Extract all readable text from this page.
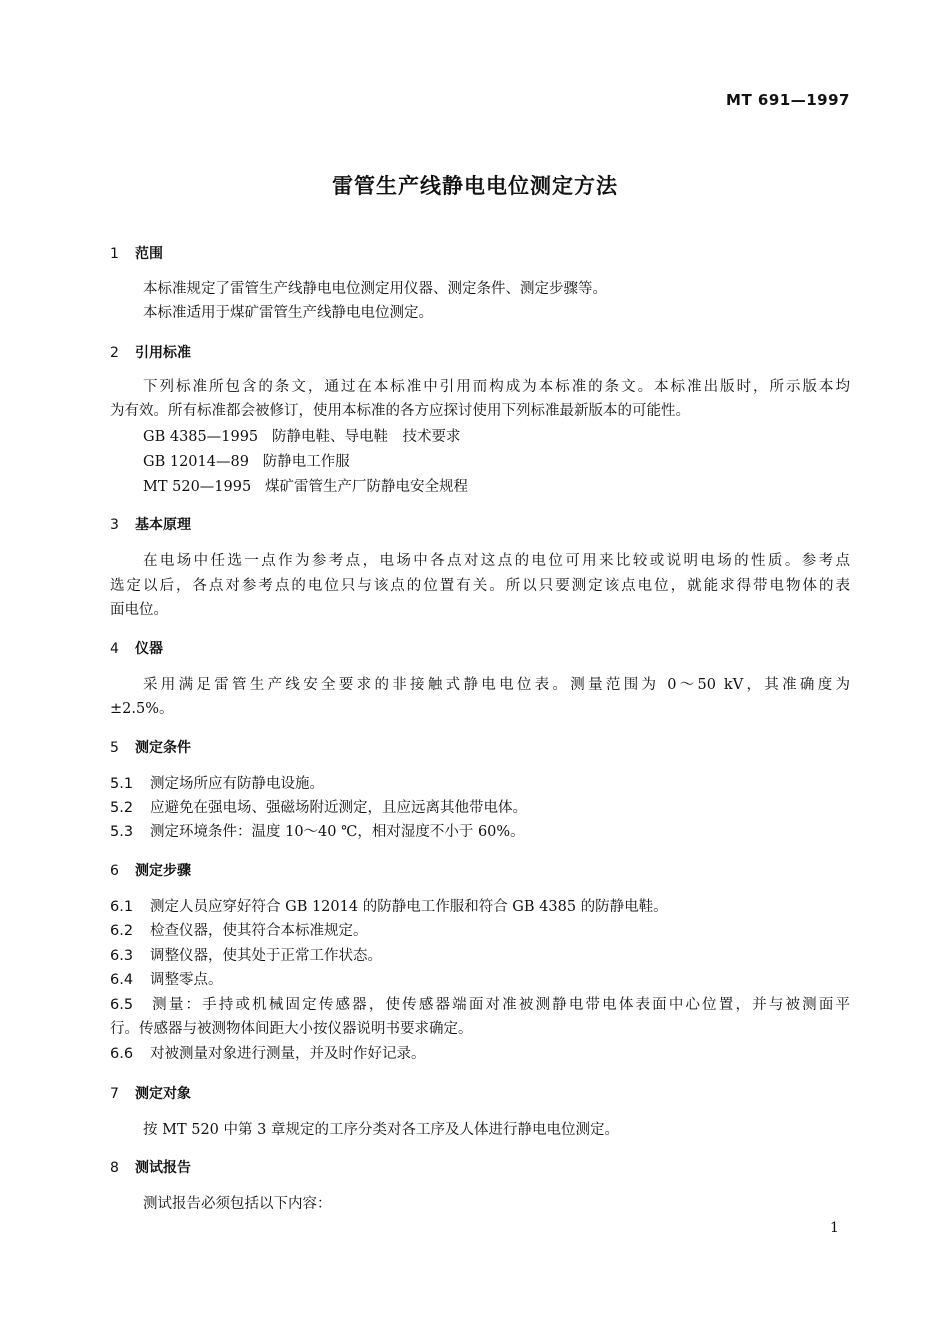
MT 691—1997
雷管生产线静电电位测定方法
1 范围
本标准规定了雷管生产线静电电位测定用仪器、测定条件、测定步骤等。
本标准适用于煤矿雷管生产线静电电位测定。
2 引用标准
下列标准所包含的条文，通过在本标准中引用而构成为本标准的条文。本标准出版时，所示版本均
为有效。所有标准都会被修订，使用本标准的各方应探讨使用下列标准最新版本的可能性。
GB 4385—1995 防静电鞋、导电鞋　技术要求
GB 12014—89 防静电工作服
MT 520—1995 煤矿雷管生产厂防静电安全规程
3 基本原理
在电场中任选一点作为参考点，电场中各点对这点的电位可用来比较或说明电场的性质。参考点
选定以后，各点对参考点的电位只与该点的位置有关。所以只要测定该点电位，就能求得带电物体的表
面电位。
4 仪器
采用满足雷管生产线安全要求的非接触式静电电位表。测量范围为 0～50 kV，其准确度为
±2.5%。
5 测定条件
5.1 测定场所应有防静电设施。
5.2 应避免在强电场、强磁场附近测定，且应远离其他带电体。
5.3 测定环境条件：温度 10～40 ℃，相对湿度不小于 60%。
6 测定步骤
6.1 测定人员应穿好符合 GB 12014 的防静电工作服和符合 GB 4385 的防静电鞋。
6.2 检查仪器，使其符合本标准规定。
6.3 调整仪器，使其处于正常工作状态。
6.4 调整零点。
6.5 测量：手持或机械固定传感器，使传感器端面对准被测静电带电体表面中心位置，并与被测面平
行。传感器与被测物体间距大小按仪器说明书要求确定。
6.6 对被测量对象进行测量，并及时作好记录。
7 测定对象
按 MT 520 中第 3 章规定的工序分类对各工序及人体进行静电电位测定。
8 测试报告
测试报告必须包括以下内容：
1
